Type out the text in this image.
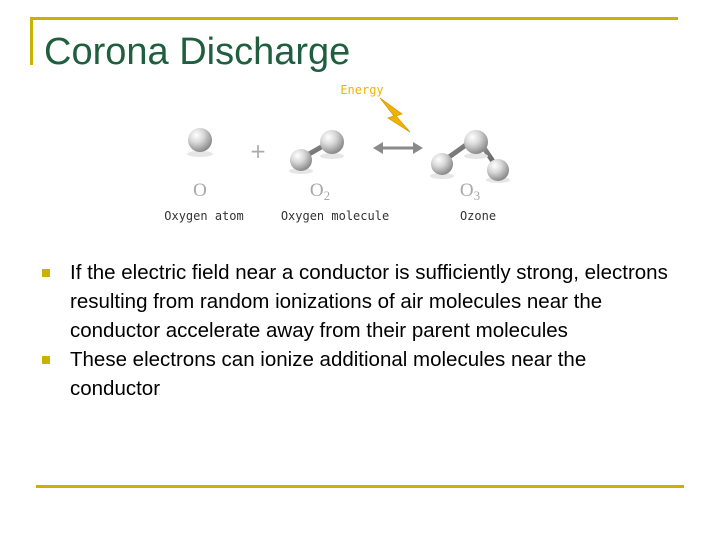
Corona Discharge
Energy
+
O	$O_2$	$O_3$
Oxygen atom	Oxygen molecule	Ozone
If the electric field near a conductor is sufficiently strong, electrons resulting from random ionizations of air molecules near the conductor accelerate away from their parent molecules
These electrons can ionize additional molecules near the conductor
